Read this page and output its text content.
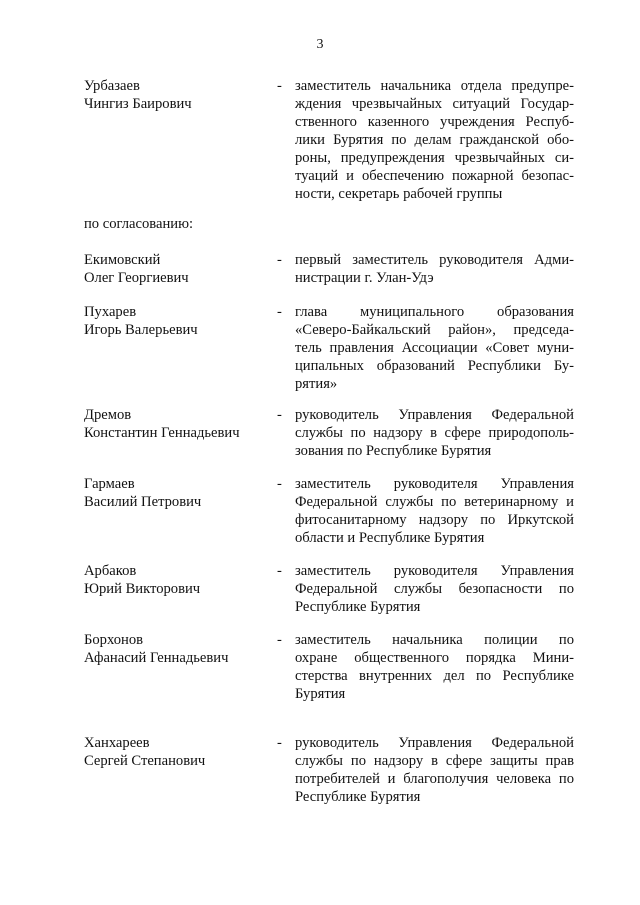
3
Урбазаев
Чингиз Баирович
- заместитель начальника отдела предупре-
ждения чрезвычайных ситуаций Государ-
ственного казенного учреждения Респуб-
лики Бурятия по делам гражданской обо-
роны, предупреждения чрезвычайных си-
туаций и обеспечению пожарной безопас-
ности, секретарь рабочей группы
по согласованию:
Екимовский
Олег Георгиевич
- первый заместитель руководителя Адми-
нистрации г. Улан-Удэ
Пухарев
Игорь Валерьевич
- глава муниципального образования
«Северо-Байкальский район», председа-
тель правления Ассоциации «Совет муни-
ципальных образований Республики Бу-
рятия»
Дремов
Константин Геннадьевич
- руководитель Управления Федеральной
службы по надзору в сфере природополь-
зования по Республике Бурятия
Гармаев
Василий Петрович
- заместитель руководителя Управления
Федеральной службы по ветеринарному и
фитосанитарному надзору по Иркутской
области и Республике Бурятия
Арбаков
Юрий Викторович
- заместитель руководителя Управления
Федеральной службы безопасности по
Республике Бурятия
Борхонов
Афанасий Геннадьевич
- заместитель начальника полиции по
охране общественного порядка Мини-
стерства внутренних дел по Республике
Бурятия
Ханхареев
Сергей Степанович
- руководитель Управления Федеральной
службы по надзору в сфере защиты прав
потребителей и благополучия человека по
Республике Бурятия
